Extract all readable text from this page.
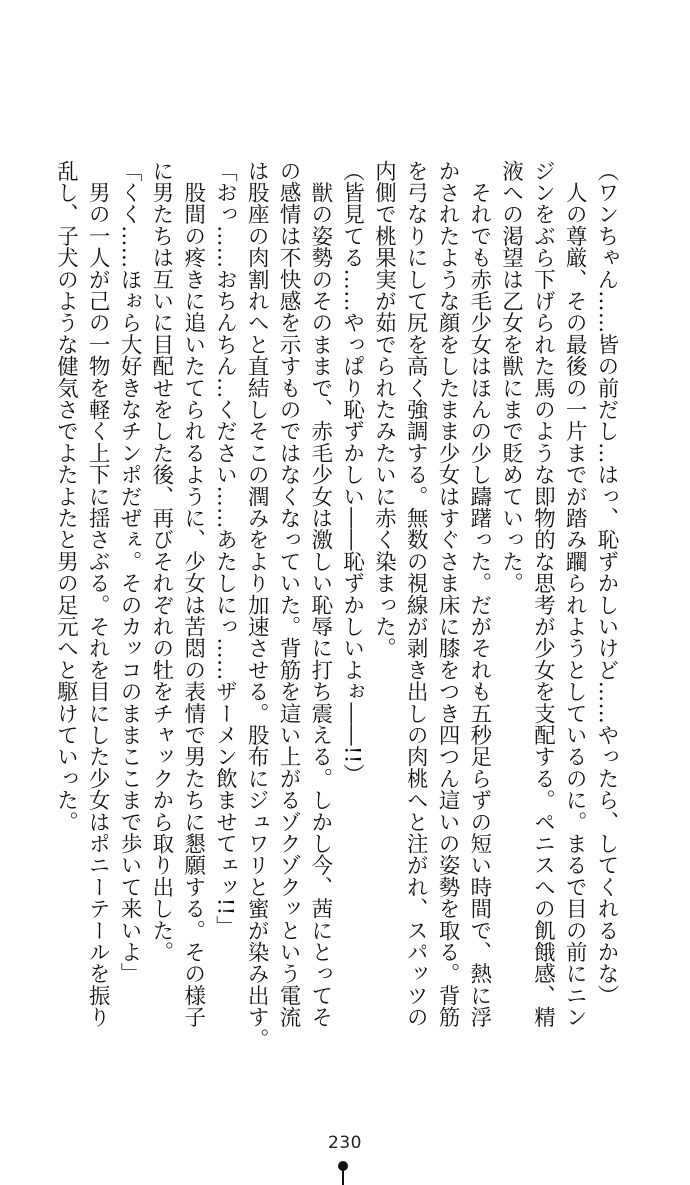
（ワンちゃん……皆の前だし…はっ、恥ずかしいけど……やったら、してくれるかな）
　人の尊厳、その最後の一片までが踏み躙られようとしているのに。まるで目の前にニン
ジンをぶら下げられた馬のような即物的な思考が少女を支配する。ペニスへの飢餓感、精
液への渇望は乙女を獣にまで貶めていった。
　それでも赤毛少女はほんの少し躊躇った。だがそれも五秒足らずの短い時間で、熱に浮
かされたような顔をしたまま少女はすぐさま床に膝をつき四つん這いの姿勢を取る。背筋
を弓なりにして尻を高く強調する。無数の視線が剥き出しの肉桃へと注がれ、スパッツの
内側で桃果実が茹でられたみたいに赤く染まった。
（皆見てる……やっぱり恥ずかしい――恥ずかしいよぉ――!!）
　獣の姿勢のそのままで、赤毛少女は激しい恥辱に打ち震える。しかし今、茜にとってそ
の感情は不快感を示すものではなくなっていた。背筋を這い上がるゾクゾクッという電流
は股座の肉割れへと直結しそこの潤みをより加速させる。股布にジュワリと蜜が染み出す。
「おっ……おちんちん…ください……あたしにっ……ザーメン飲ませてェッ!!」
　股間の疼きに追いたてられるように、少女は苦悶の表情で男たちに懇願する。その様子
に男たちは互いに目配せをした後、再びそれぞれの牡をチャックから取り出した。
「くく……ほぉら大好きなチンポだぜぇ。そのカッコのままここまで歩いて来いよ」
　男の一人が己の一物を軽く上下に揺さぶる。それを目にした少女はポニーテールを振り
乱し、子犬のような健気さでよたよたと男の足元へと駆けていった。
230
